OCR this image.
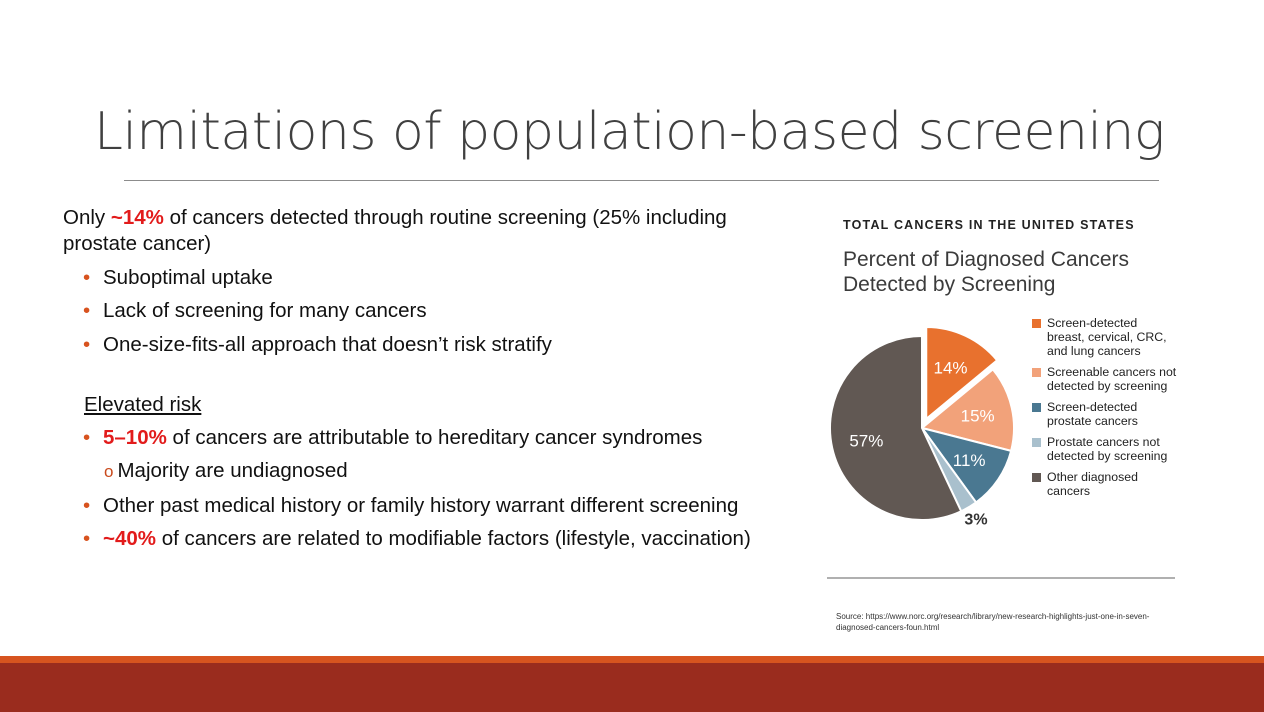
Limitations of population-based screening

Only ~14% of cancers detected through routine screening (25% including prostate cancer)

• Suboptimal uptake
• Lack of screening for many cancers
• One-size-fits-all approach that doesn’t risk stratify
Elevated risk
• 5–10% of cancers are attributable to hereditary cancer syndromes
o Majority are undiagnosed
• Other past medical history or family history warrant different screening
• ~40% of cancers are related to modifiable factors (lifestyle, vaccination)
TOTAL CANCERS IN THE UNITED STATES
Percent of Diagnosed Cancers Detected by Screening
14%
15%
11%
3%
57%
Screen-detected breast, cervical, CRC, and lung cancers
Screenable cancers not detected by screening
Screen-detected prostate cancers
Prostate cancers not detected by screening
Other diagnosed cancers
Source: https://www.norc.org/research/library/new-research-highlights-just-one-in-seven-diagnosed-cancers-foun.html
